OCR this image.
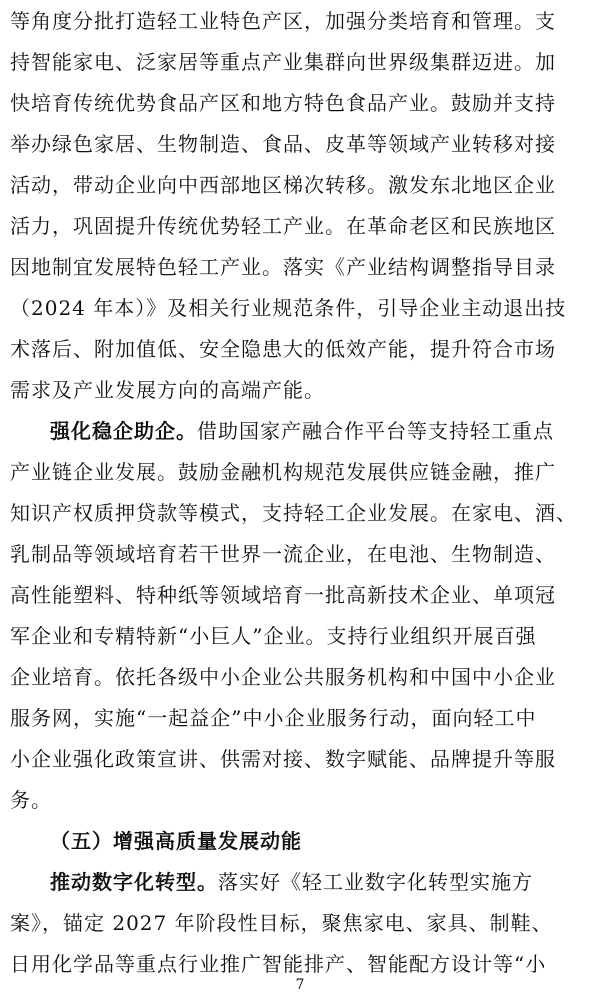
等角度分批打造轻工业特色产区，加强分类培育和管理。支
持智能家电、泛家居等重点产业集群向世界级集群迈进。加
快培育传统优势食品产区和地方特色食品产业。鼓励并支持
举办绿色家居、生物制造、食品、皮革等领域产业转移对接
活动，带动企业向中西部地区梯次转移。激发东北地区企业
活力，巩固提升传统优势轻工产业。在革命老区和民族地区
因地制宜发展特色轻工产业。落实《产业结构调整指导目录
（2024 年本）》及相关行业规范条件，引导企业主动退出技
术落后、附加值低、安全隐患大的低效产能，提升符合市场
需求及产业发展方向的高端产能。
强化稳企助企。借助国家产融合作平台等支持轻工重点
产业链企业发展。鼓励金融机构规范发展供应链金融，推广
知识产权质押贷款等模式，支持轻工企业发展。在家电、酒、
乳制品等领域培育若干世界一流企业，在电池、生物制造、
高性能塑料、特种纸等领域培育一批高新技术企业、单项冠
军企业和专精特新“小巨人”企业。支持行业组织开展百强
企业培育。依托各级中小企业公共服务机构和中国中小企业
服务网，实施“一起益企”中小企业服务行动，面向轻工中
小企业强化政策宣讲、供需对接、数字赋能、品牌提升等服
务。
（五）增强高质量发展动能
推动数字化转型。落实好《轻工业数字化转型实施方
案》，锚定 2027 年阶段性目标，聚焦家电、家具、制鞋、
日用化学品等重点行业推广智能排产、智能配方设计等“小
7
